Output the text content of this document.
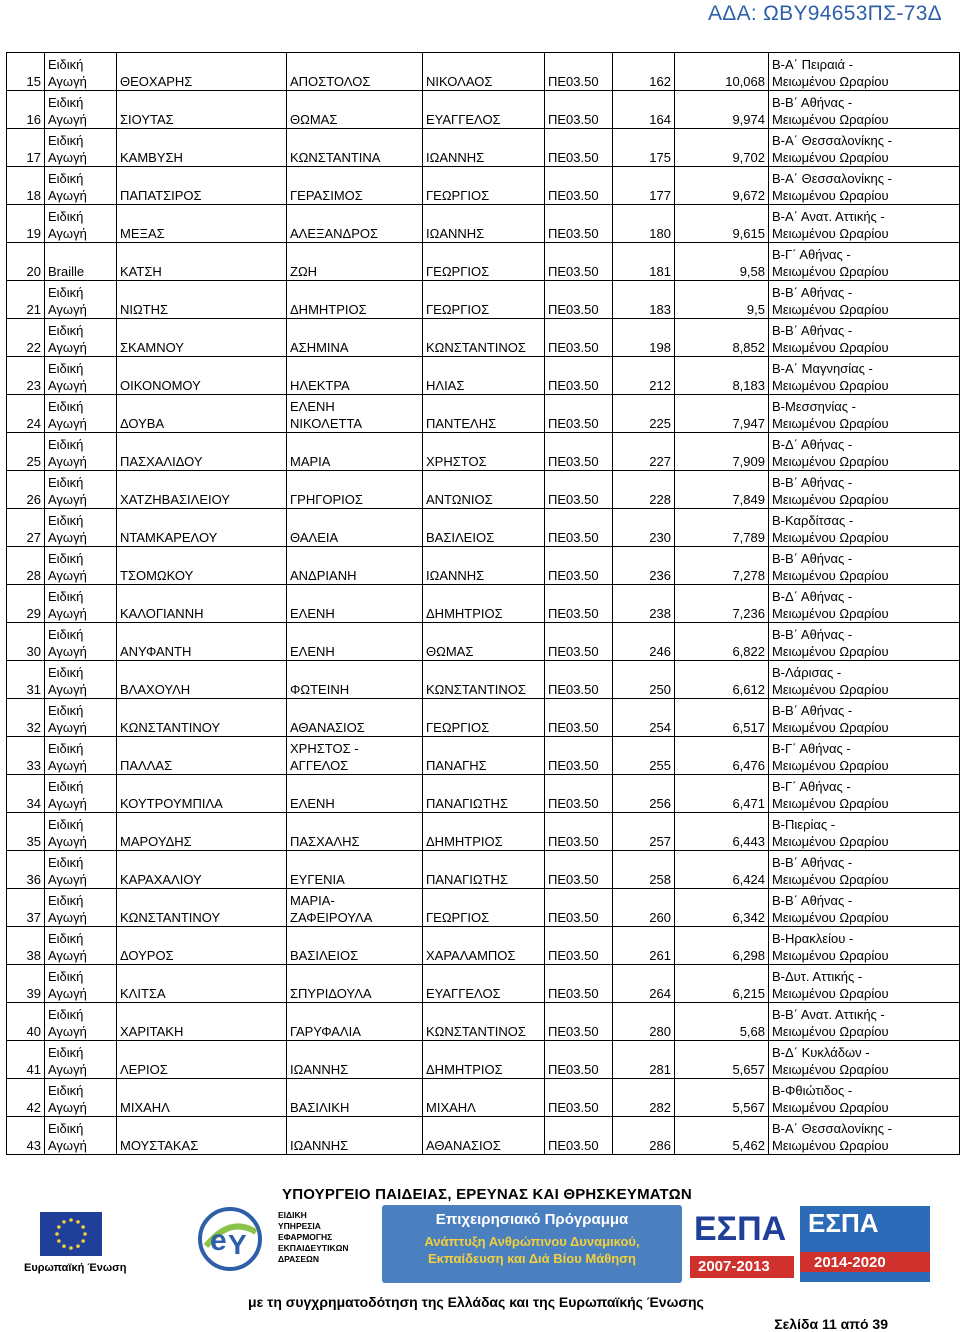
ΑΔΑ: ΩΒΥ94653ΠΣ-73Δ
15	Ειδική
Αγωγή	ΘΕΟΧΑΡΗΣ	ΑΠΟΣΤΟΛΟΣ	ΝΙΚΟΛΑΟΣ	ΠΕ03.50	162	10,068	Β-Α΄ Πειραιά -
Μειωμένου Ωραρίου
16	Ειδική
Αγωγή	ΣΙΟΥΤΑΣ	ΘΩΜΑΣ	ΕΥΑΓΓΕΛΟΣ	ΠΕ03.50	164	9,974	Β-Β΄ Αθήνας -
Μειωμένου Ωραρίου
17	Ειδική
Αγωγή	ΚΑΜΒΥΣΗ	ΚΩΝΣΤΑΝΤΙΝΑ	ΙΩΑΝΝΗΣ	ΠΕ03.50	175	9,702	Β-Α΄ Θεσσαλονίκης -
Μειωμένου Ωραρίου
18	Ειδική
Αγωγή	ΠΑΠΑΤΣΙΡΟΣ	ΓΕΡΑΣΙΜΟΣ	ΓΕΩΡΓΙΟΣ	ΠΕ03.50	177	9,672	Β-Α΄ Θεσσαλονίκης -
Μειωμένου Ωραρίου
19	Ειδική
Αγωγή	ΜΕΞΑΣ	ΑΛΕΞΑΝΔΡΟΣ	ΙΩΑΝΝΗΣ	ΠΕ03.50	180	9,615	Β-Α΄ Ανατ. Αττικής -
Μειωμένου Ωραρίου
20	Braille	ΚΑΤΣΗ	ΖΩΗ	ΓΕΩΡΓΙΟΣ	ΠΕ03.50	181	9,58	Β-Γ΄ Αθήνας -
Μειωμένου Ωραρίου
21	Ειδική
Αγωγή	ΝΙΩΤΗΣ	ΔΗΜΗΤΡΙΟΣ	ΓΕΩΡΓΙΟΣ	ΠΕ03.50	183	9,5	Β-Β΄ Αθήνας -
Μειωμένου Ωραρίου
22	Ειδική
Αγωγή	ΣΚΑΜΝΟΥ	ΑΣΗΜΙΝΑ	ΚΩΝΣΤΑΝΤΙΝΟΣ	ΠΕ03.50	198	8,852	Β-Β΄ Αθήνας -
Μειωμένου Ωραρίου
23	Ειδική
Αγωγή	ΟΙΚΟΝΟΜΟΥ	ΗΛΕΚΤΡΑ	ΗΛΙΑΣ	ΠΕ03.50	212	8,183	Β-Α΄ Μαγνησίας -
Μειωμένου Ωραρίου
24	Ειδική
Αγωγή	ΔΟΥΒΑ	ΕΛΕΝΗ
ΝΙΚΟΛΕΤΤΑ	ΠΑΝΤΕΛΗΣ	ΠΕ03.50	225	7,947	Β-Μεσσηνίας -
Μειωμένου Ωραρίου
25	Ειδική
Αγωγή	ΠΑΣΧΑΛΙΔΟΥ	ΜΑΡΙΑ	ΧΡΗΣΤΟΣ	ΠΕ03.50	227	7,909	Β-Δ΄ Αθήνας -
Μειωμένου Ωραρίου
26	Ειδική
Αγωγή	ΧΑΤΖΗΒΑΣΙΛΕΙΟΥ	ΓΡΗΓΟΡΙΟΣ	ΑΝΤΩΝΙΟΣ	ΠΕ03.50	228	7,849	Β-Β΄ Αθήνας -
Μειωμένου Ωραρίου
27	Ειδική
Αγωγή	ΝΤΑΜΚΑΡΕΛΟΥ	ΘΑΛΕΙΑ	ΒΑΣΙΛΕΙΟΣ	ΠΕ03.50	230	7,789	Β-Καρδίτσας -
Μειωμένου Ωραρίου
28	Ειδική
Αγωγή	ΤΣΟΜΩΚΟΥ	ΑΝΔΡΙΑΝΗ	ΙΩΑΝΝΗΣ	ΠΕ03.50	236	7,278	Β-Β΄ Αθήνας -
Μειωμένου Ωραρίου
29	Ειδική
Αγωγή	ΚΑΛΟΓΙΑΝΝΗ	ΕΛΕΝΗ	ΔΗΜΗΤΡΙΟΣ	ΠΕ03.50	238	7,236	Β-Δ΄ Αθήνας -
Μειωμένου Ωραρίου
30	Ειδική
Αγωγή	ΑΝΥΦΑΝΤΗ	ΕΛΕΝΗ	ΘΩΜΑΣ	ΠΕ03.50	246	6,822	Β-Β΄ Αθήνας -
Μειωμένου Ωραρίου
31	Ειδική
Αγωγή	ΒΛΑΧΟΥΛΗ	ΦΩΤΕΙΝΗ	ΚΩΝΣΤΑΝΤΙΝΟΣ	ΠΕ03.50	250	6,612	Β-Λάρισας -
Μειωμένου Ωραρίου
32	Ειδική
Αγωγή	ΚΩΝΣΤΑΝΤΙΝΟΥ	ΑΘΑΝΑΣΙΟΣ	ΓΕΩΡΓΙΟΣ	ΠΕ03.50	254	6,517	Β-Β΄ Αθήνας -
Μειωμένου Ωραρίου
33	Ειδική
Αγωγή	ΠΑΛΛΑΣ	ΧΡΗΣΤΟΣ -
ΑΓΓΕΛΟΣ	ΠΑΝΑΓΗΣ	ΠΕ03.50	255	6,476	Β-Γ΄ Αθήνας -
Μειωμένου Ωραρίου
34	Ειδική
Αγωγή	ΚΟΥΤΡΟΥΜΠΙΛΑ	ΕΛΕΝΗ	ΠΑΝΑΓΙΩΤΗΣ	ΠΕ03.50	256	6,471	Β-Γ΄ Αθήνας -
Μειωμένου Ωραρίου
35	Ειδική
Αγωγή	ΜΑΡΟΥΔΗΣ	ΠΑΣΧΑΛΗΣ	ΔΗΜΗΤΡΙΟΣ	ΠΕ03.50	257	6,443	Β-Πιερίας -
Μειωμένου Ωραρίου
36	Ειδική
Αγωγή	ΚΑΡΑΧΑΛΙΟΥ	ΕΥΓΕΝΙΑ	ΠΑΝΑΓΙΩΤΗΣ	ΠΕ03.50	258	6,424	Β-Β΄ Αθήνας -
Μειωμένου Ωραρίου
37	Ειδική
Αγωγή	ΚΩΝΣΤΑΝΤΙΝΟΥ	ΜΑΡΙΑ-
ΖΑΦΕΙΡΟΥΛΑ	ΓΕΩΡΓΙΟΣ	ΠΕ03.50	260	6,342	Β-Β΄ Αθήνας -
Μειωμένου Ωραρίου
38	Ειδική
Αγωγή	ΔΟΥΡΟΣ	ΒΑΣΙΛΕΙΟΣ	ΧΑΡΑΛΑΜΠΟΣ	ΠΕ03.50	261	6,298	Β-Ηρακλείου -
Μειωμένου Ωραρίου
39	Ειδική
Αγωγή	ΚΛΙΤΣΑ	ΣΠΥΡΙΔΟΥΛΑ	ΕΥΑΓΓΕΛΟΣ	ΠΕ03.50	264	6,215	Β-Δυτ. Αττικής -
Μειωμένου Ωραρίου
40	Ειδική
Αγωγή	ΧΑΡΙΤΑΚΗ	ΓΑΡΥΦΑΛΙΑ	ΚΩΝΣΤΑΝΤΙΝΟΣ	ΠΕ03.50	280	5,68	Β-Β΄ Ανατ. Αττικής -
Μειωμένου Ωραρίου
41	Ειδική
Αγωγή	ΛΕΡΙΟΣ	ΙΩΑΝΝΗΣ	ΔΗΜΗΤΡΙΟΣ	ΠΕ03.50	281	5,657	Β-Δ΄ Κυκλάδων -
Μειωμένου Ωραρίου
42	Ειδική
Αγωγή	ΜΙΧΑΗΛ	ΒΑΣΙΛΙΚΗ	ΜΙΧΑΗΛ	ΠΕ03.50	282	5,567	Β-Φθιώτιδος -
Μειωμένου Ωραρίου
43	Ειδική
Αγωγή	ΜΟΥΣΤΑΚΑΣ	ΙΩΑΝΝΗΣ	ΑΘΑΝΑΣΙΟΣ	ΠΕ03.50	286	5,462	Β-Α΄ Θεσσαλονίκης -
Μειωμένου Ωραρίου
ΥΠΟΥΡΓΕΙΟ ΠΑΙΔΕΙΑΣ, ΕΡΕΥΝΑΣ ΚΑΙ ΘΡΗΣΚΕΥΜΑΤΩΝ
Ευρωπαϊκή Ένωση
e Y
ΕΙΔΙΚΗ
ΥΠΗΡΕΣΙΑ
ΕΦΑΡΜΟΓΗΣ
ΕΚΠΑΙΔΕΥΤΙΚΩΝ
ΔΡΑΣΕΩΝ
Επιχειρησιακό Πρόγραμμα
Ανάπτυξη Ανθρώπινου Δυναμικού,
Εκπαίδευση και Διά Βίου Μάθηση
ΕΣΠΑ
2007-2013
ΕΣΠΑ
2014-2020
με τη συγχρηματοδότηση της Ελλάδας και της Ευρωπαϊκής Ένωσης
Σελίδα 11 από 39
